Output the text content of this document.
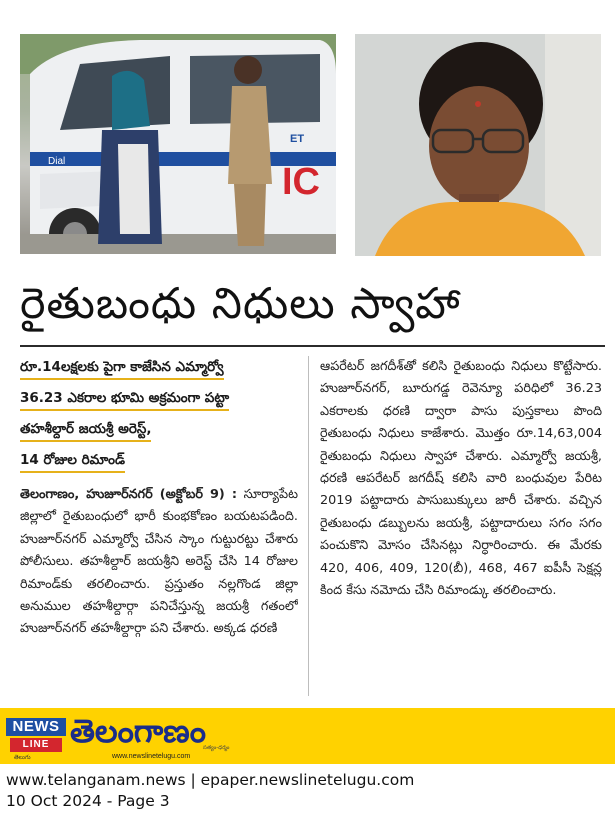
Dial
ET
IC
రైతుబంధు నిధులు స్వాహా
రూ.14లక్షలకు పైగా కాజేసిన ఎమ్మార్వో
36.23 ఎకరాల భూమి అక్రమంగా పట్టా
తహశీల్దార్ జయశ్రీ అరెస్ట్,
14 రోజుల రిమాండ్
తెలంగాణం, హుజూర్‌నగర్ (అక్టోబర్ 9) : సూర్యాపేట జిల్లాలో రైతుబంధులో భారీ కుంభకోణం బయటపడింది. హుజూర్‌నగర్ ఎమ్మార్వో చేసిన స్కాం గుట్టురట్టు చేశారు పోలీసులు. తహశీల్దార్ జయశ్రీని అరెస్ట్ చేసి 14 రోజుల రిమాండ్‌కు తరలించారు. ప్రస్తుతం నల్లగొండ జిల్లా అనుముల తహశీల్దార్గా పనిచేస్తున్న జయశ్రీ గతంలో హుజూర్‌నగర్ తహశీల్దార్గా పని చేశారు. అక్కడ ధరణి
ఆపరేటర్ జగదీశ్‌తో కలిసి రైతుబంధు నిధులు కొట్టేసారు. హుజూర్‌నగర్, బూరుగడ్డ రెవెన్యూ పరిధిలో 36.23 ఎకరాలకు ధరణి ద్వారా పాసు పుస్తకాలు పొంది రైతుబంధు నిధులు కాజేశారు. మొత్తం రూ.14,63,004 రైతుబంధు నిధులు స్వాహా చేశారు. ఎమ్మార్వో జయశ్రీ, ధరణి ఆపరేటర్ జగదీష్ కలిసి వారి బంధువుల పేరిట 2019 పట్టాదారు పాసుబుక్కులు జారీ చేశారు. వచ్చిన రైతుబంధు డబ్బులను జయశ్రీ, పట్టాదారులు సగం సగం పంచుకొని మోసం చేసినట్లు నిర్ధారించారు. ఈ మేరకు 420, 406, 409, 120(బీ), 468, 467 ఐపీసీ సెక్షన్ల కింద కేసు నమోదు చేసి రిమాండ్కు తరలించారు.
NEWS
LINE
తెలుగు
తెలంగాణం
సత్యం-ధర్మం
www.newslinetelugu.com
www.telanganam.news | epaper.newslinetelugu.com
10 Oct 2024 - Page 3
